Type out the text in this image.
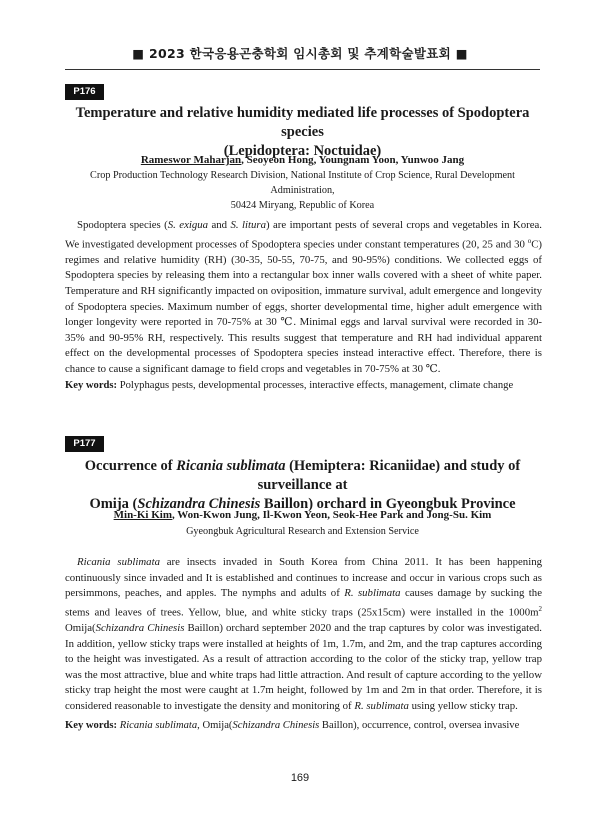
■ 2023 한국응용곤충학회 임시총회 및 추계학술발표회 ■
P176
Temperature and relative humidity mediated life processes of Spodoptera species
(Lepidoptera: Noctuidae)
Rameswor Maharjan, Seoyeon Hong, Youngnam Yoon, Yunwoo Jang
Crop Production Technology Research Division, National Institute of Crop Science, Rural Development Administration,
50424 Miryang, Republic of Korea

Spodoptera species (S. exigua and S. litura) are important pests of several crops and vegetables in Korea. We investigated development processes of Spodoptera species under constant temperatures (20, 25 and 30 $^o$C) regimes and relative humidity (RH) (30-35, 50-55, 70-75, and 90-95%) conditions. We collected eggs of Spodoptera species by releasing them into a rectangular box inner walls covered with a sheet of white paper. Temperature and RH significantly impacted on oviposition, immature survival, adult emergence and longevity of Spodoptera species. Maximum number of eggs, shorter developmental time, higher adult emergence with longer longevity were reported in 70-75% at 30 ℃. Minimal eggs and larval survival were recorded in 30-35% and 90-95% RH, respectively. This results suggest that temperature and RH had individual apparent effect on the developmental processes of Spodoptera species instead interactive effect. Therefore, there is chance to cause a significant damage to field crops and vegetables in 70-75% at 30 ℃.

Key words: Polyphagus pests, developmental processes, interactive effects, management, climate change
P177
Occurrence of Ricania sublimata (Hemiptera: Ricaniidae) and study of surveillance at
Omija (Schizandra Chinesis Baillon) orchard in Gyeongbuk Province
Min-Ki Kim, Won-Kwon Jung, Il-Kwon Yeon, Seok-Hee Park and Jong-Su. Kim
Gyeongbuk Agricultural Research and Extension Service

Ricania sublimata are insects invaded in South Korea from China 2011. It has been happening continuously since invaded and It is established and continues to increase and occur in various crops such as persimmons, peaches, and apples. The nymphs and adults of R. sublimata causes damage by sucking the stems and leaves of trees. Yellow, blue, and white sticky traps (25x15cm) were installed in the $1000m^2$ Omija(Schizandra Chinesis Baillon) orchard september 2020 and the trap captures by color was investigated. In addition, yellow sticky traps were installed at heights of 1m, 1.7m, and 2m, and the trap captures according to the height was investigated. As a result of attraction according to the color of the sticky trap, yellow trap was the most attractive, blue and white traps had little attraction. And result of capture according to the yellow sticky trap height the most were caught at 1.7m height, followed by 1m and 2m in that order. Therefore, it is considered reasonable to investigate the density and monitoring of R. sublimata using yellow sticky trap.

Key words: Ricania sublimata, Omija(Schizandra Chinesis Baillon), occurrence, control, oversea invasive
169
